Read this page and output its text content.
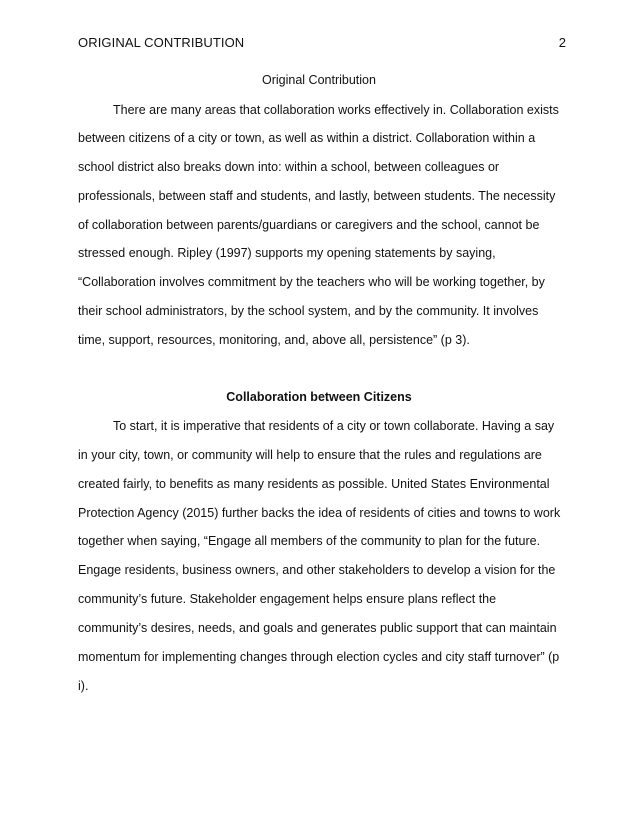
ORIGINAL CONTRIBUTION	2
Original Contribution
There are many areas that collaboration works effectively in. Collaboration exists
between citizens of a city or town, as well as within a district. Collaboration within a
school district also breaks down into: within a school, between colleagues or
professionals, between staff and students, and lastly, between students. The necessity
of collaboration between parents/guardians or caregivers and the school, cannot be
stressed enough. Ripley (1997) supports my opening statements by saying,
“Collaboration involves commitment by the teachers who will be working together, by
their school administrators, by the school system, and by the community. It involves
time, support, resources, monitoring, and, above all, persistence” (p 3).
Collaboration between Citizens
To start, it is imperative that residents of a city or town collaborate. Having a say
in your city, town, or community will help to ensure that the rules and regulations are
created fairly, to benefits as many residents as possible. United States Environmental
Protection Agency (2015) further backs the idea of residents of cities and towns to work
together when saying, “Engage all members of the community to plan for the future.
Engage residents, business owners, and other stakeholders to develop a vision for the
community’s future. Stakeholder engagement helps ensure plans reflect the
community’s desires, needs, and goals and generates public support that can maintain
momentum for implementing changes through election cycles and city staff turnover” (p
i).
